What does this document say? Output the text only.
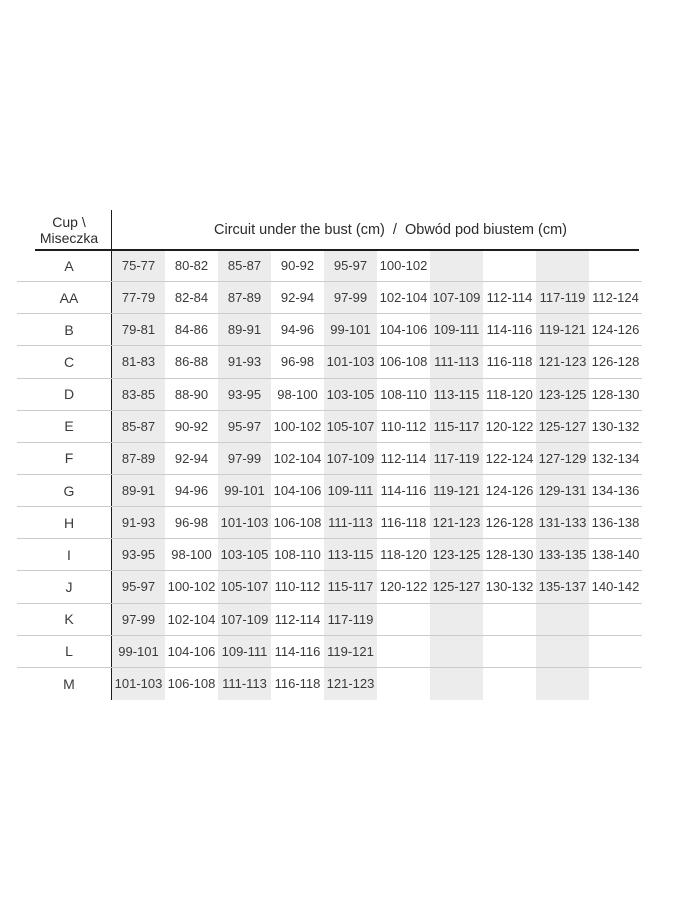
Cup \
Miseczka	Circuit under the bust (cm)  /  Obwód pod biustem (cm)
A	75-77	80-82	85-87	90-92	95-97 100-102
AA	77-79	82-84	87-89	92-94	97-99 102-104 107-109 112-114 117-119 112-124
B	79-81	84-86	89-91	94-96	99-101 104-106 109-111 114-116 119-121 124-126
C	81-83	86-88	91-93	96-98 101-103 106-108 111-113 116-118 121-123 126-128
D	83-85	88-90	93-95	98-100 103-105 108-110 113-115 118-120 123-125 128-130
E	85-87	90-92	95-97 100-102 105-107 110-112 115-117 120-122 125-127 130-132
F	87-89	92-94	97-99 102-104 107-109 112-114 117-119 122-124 127-129 132-134
G	89-91	94-96	99-101 104-106 109-111 114-116 119-121 124-126 129-131 134-136
H	91-93	96-98 101-103 106-108 111-113 116-118 121-123 126-128 131-133 136-138
I	93-95	98-100 103-105 108-110 113-115 118-120 123-125 128-130 133-135 138-140
J	95-97 100-102 105-107 110-112 115-117 120-122 125-127 130-132 135-137 140-142
K	97-99 102-104 107-109 112-114 117-119
L	99-101 104-106 109-111 114-116 119-121
M	101-103 106-108 111-113 116-118 121-123
